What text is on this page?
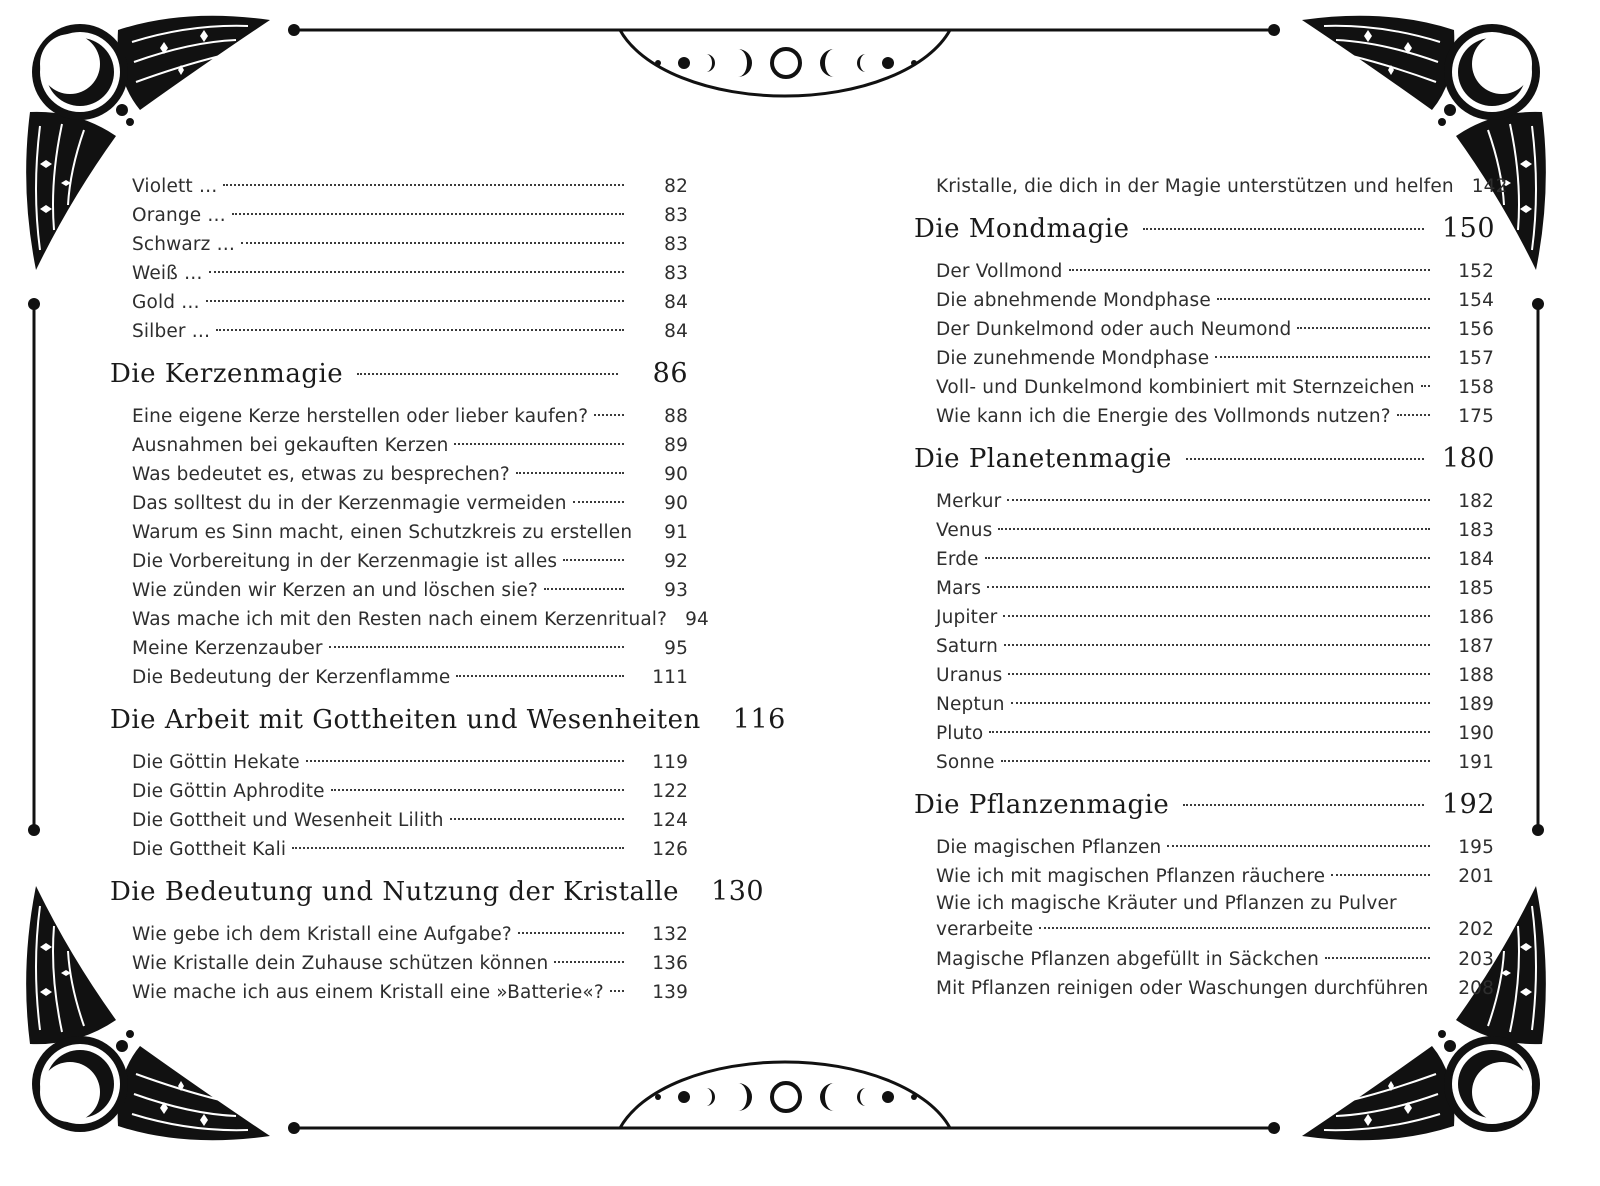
Violett …	82
Orange …	83
Schwarz …	83
Weiß …	83
Gold …	84
Silber …	84
Die Kerzenmagie	86
Eine eigene Kerze herstellen oder lieber kaufen?	88
Ausnahmen bei gekauften Kerzen	89
Was bedeutet es, etwas zu besprechen?	90
Das solltest du in der Kerzenmagie vermeiden	90
Warum es Sinn macht, einen Schutzkreis zu erstellen	91
Die Vorbereitung in der Kerzenmagie ist alles	92
Wie zünden wir Kerzen an und löschen sie?	93
Was mache ich mit den Resten nach einem Kerzenritual? 94
Meine Kerzenzauber	95
Die Bedeutung der Kerzenflamme	111
Die Arbeit mit Gottheiten und Wesenheiten 116
Die Göttin Hekate	119
Die Göttin Aphrodite	122
Die Gottheit und Wesenheit Lilith	124
Die Gottheit Kali	126
Die Bedeutung und Nutzung der Kristalle 130
Wie gebe ich dem Kristall eine Aufgabe?	132
Wie Kristalle dein Zuhause schützen können	136
Wie mache ich aus einem Kristall eine »Batterie«?	139
Kristalle, die dich in der Magie unterstützen und helfen 142
Die Mondmagie	150
Der Vollmond	152
Die abnehmende Mondphase	154
Der Dunkelmond oder auch Neumond	156
Die zunehmende Mondphase	157
Voll- und Dunkelmond kombiniert mit Sternzeichen	158
Wie kann ich die Energie des Vollmonds nutzen?	175
Die Planetenmagie	180
Merkur	182
Venus	183
Erde	184
Mars	185
Jupiter	186
Saturn	187
Uranus	188
Neptun	189
Pluto	190
Sonne	191
Die Pflanzenmagie	192
Die magischen Pflanzen	195
Wie ich mit magischen Pflanzen räuchere	201
Wie ich magische Kräuter und Pflanzen zu Pulver
verarbeite	202
Magische Pflanzen abgefüllt in Säckchen	203
Mit Pflanzen reinigen oder Waschungen durchführen	208
